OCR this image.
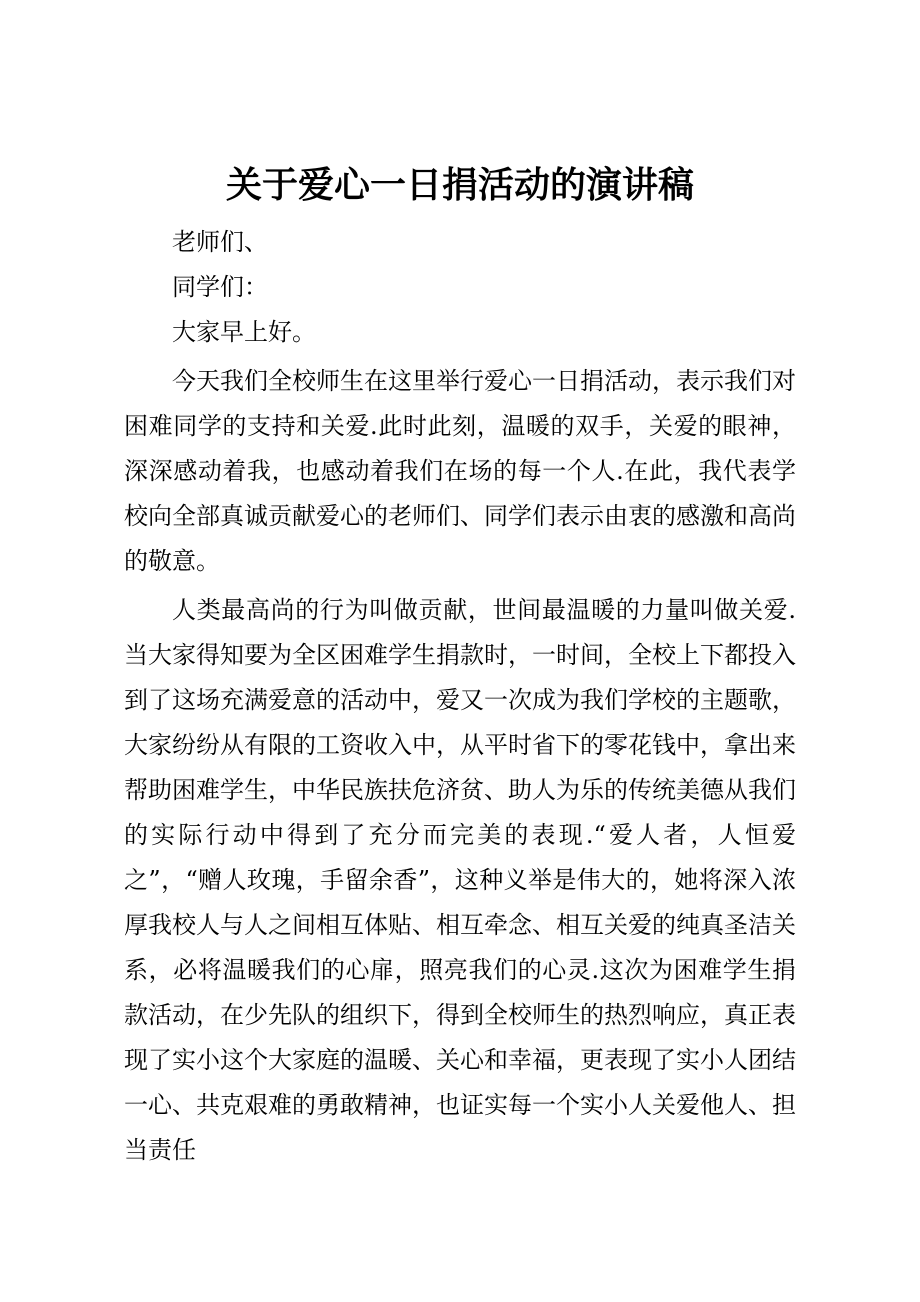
关于爱心一日捐活动的演讲稿

老师们、

同学们：

大家早上好。

今天我们全校师生在这里举行爱心一日捐活动，表示我们对困难同学的支持和关爱.此时此刻，温暖的双手，关爱的眼神，深深感动着我，也感动着我们在场的每一个人.在此，我代表学校向全部真诚贡献爱心的老师们、同学们表示由衷的感激和高尚的敬意。

人类最高尚的行为叫做贡献，世间最温暖的力量叫做关爱.当大家得知要为全区困难学生捐款时，一时间，全校上下都投入到了这场充满爱意的活动中，爱又一次成为我们学校的主题歌，大家纷纷从有限的工资收入中，从平时省下的零花钱中，拿出来帮助困难学生，中华民族扶危济贫、助人为乐的传统美德从我们的实际行动中得到了充分而完美的表现.“爱人者，人恒爱之”，“赠人玫瑰，手留余香”，这种义举是伟大的，她将深入浓厚我校人与人之间相互体贴、相互牵念、相互关爱的纯真圣洁关系，必将温暖我们的心扉，照亮我们的心灵.这次为困难学生捐款活动，在少先队的组织下，得到全校师生的热烈响应，真正表现了实小这个大家庭的温暖、关心和幸福，更表现了实小人团结一心、共克艰难的勇敢精神，也证实每一个实小人关爱他人、担当责任
